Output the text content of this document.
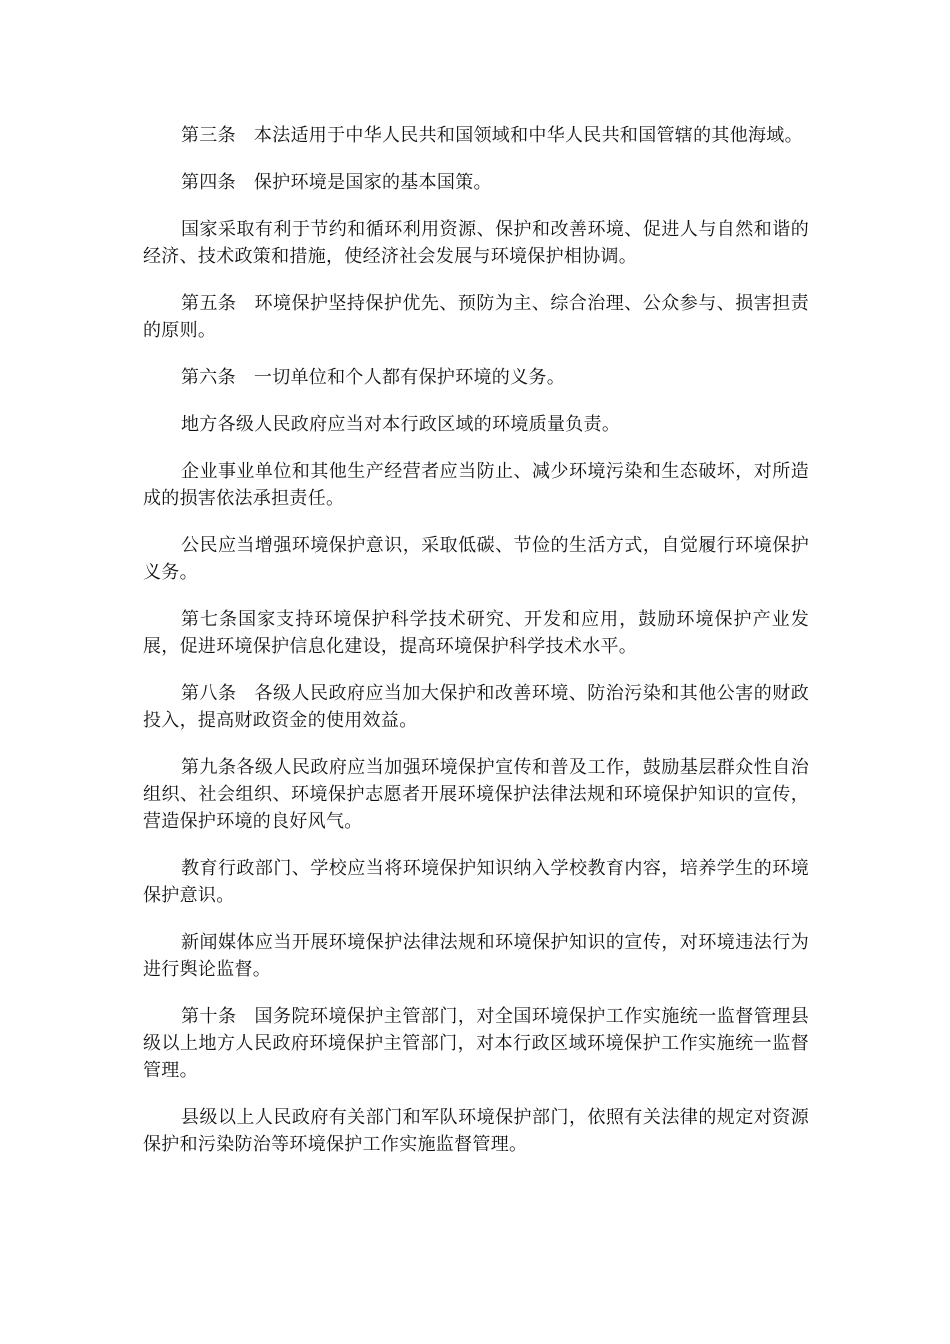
第三条 本法适用于中华人民共和国领域和中华人民共和国管辖的其他海域。

第四条 保护环境是国家的基本国策。

国家采取有利于节约和循环利用资源、保护和改善环境、促进人与自然和谐的经济、技术政策和措施，使经济社会发展与环境保护相协调。

第五条 环境保护坚持保护优先、预防为主、综合治理、公众参与、损害担责的原则。

第六条 一切单位和个人都有保护环境的义务。

地方各级人民政府应当对本行政区域的环境质量负责。

企业事业单位和其他生产经营者应当防止、减少环境污染和生态破坏，对所造成的损害依法承担责任。

公民应当增强环境保护意识，采取低碳、节俭的生活方式，自觉履行环境保护义务。

第七条国家支持环境保护科学技术研究、开发和应用，鼓励环境保护产业发展，促进环境保护信息化建设，提高环境保护科学技术水平。

第八条 各级人民政府应当加大保护和改善环境、防治污染和其他公害的财政投入，提高财政资金的使用效益。

第九条各级人民政府应当加强环境保护宣传和普及工作，鼓励基层群众性自治组织、社会组织、环境保护志愿者开展环境保护法律法规和环境保护知识的宣传，营造保护环境的良好风气。

教育行政部门、学校应当将环境保护知识纳入学校教育内容，培养学生的环境保护意识。

新闻媒体应当开展环境保护法律法规和环境保护知识的宣传，对环境违法行为进行舆论监督。

第十条 国务院环境保护主管部门，对全国环境保护工作实施统一监督管理县级以上地方人民政府环境保护主管部门，对本行政区域环境保护工作实施统一监督管理。

县级以上人民政府有关部门和军队环境保护部门，依照有关法律的规定对资源保护和污染防治等环境保护工作实施监督管理。
